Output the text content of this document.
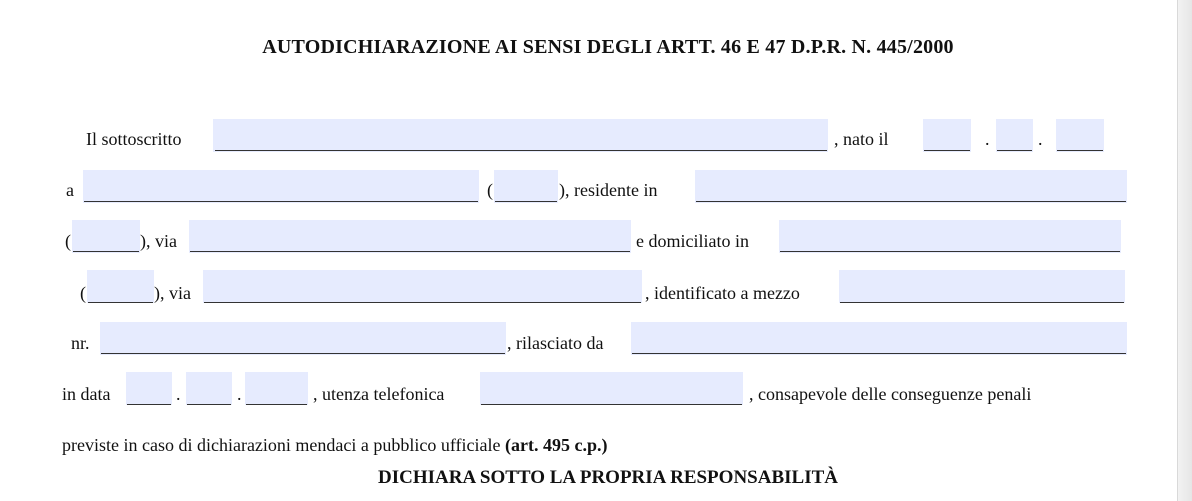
AUTODICHIARAZIONE AI SENSI DEGLI ARTT. 46 E 47 D.P.R. N. 445/2000
Il sottoscritto	, nato il	.	.
a	(	), residente in
(	), via	e domiciliato in
(	), via	, identificato a mezzo
nr.	, rilasciato da
in data	.	.	, utenza telefonica	, consapevole delle conseguenze penali
previste in caso di dichiarazioni mendaci a pubblico ufficiale (art. 495 c.p.)
DICHIARA SOTTO LA PROPRIA RESPONSABILITÀ
